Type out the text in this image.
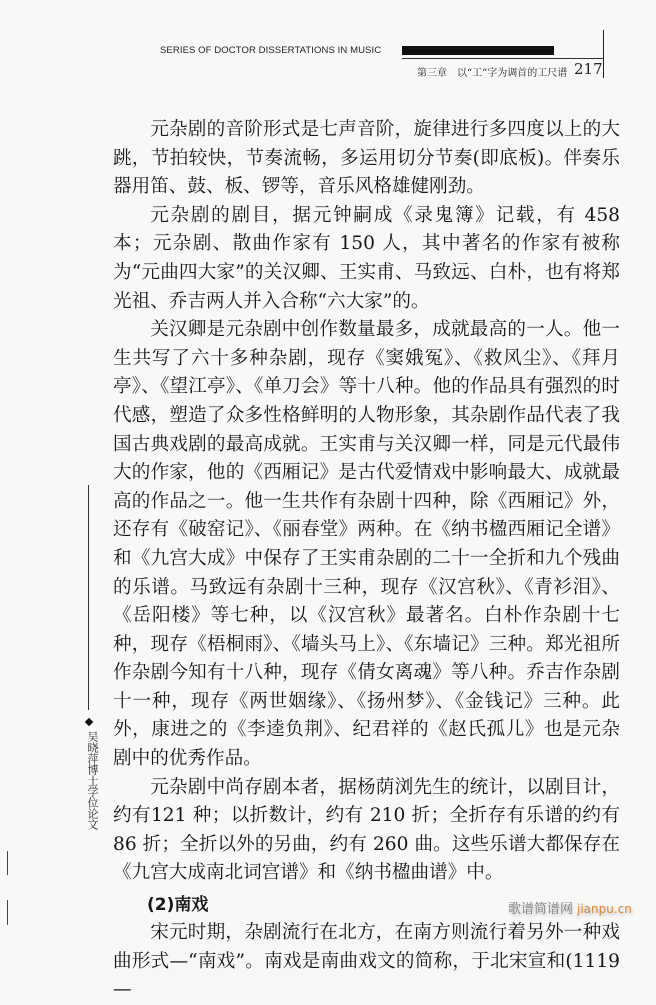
SERIES OF DOCTOR DISSERTATIONS IN MUSIC
第三章　以“工”字为调首的工尺谱 217

元杂剧的音阶形式是七声音阶，旋律进行多四度以上的大跳，节拍较快，节奏流畅，多运用切分节奏(即底板)。伴奏乐器用笛、鼓、板、锣等，音乐风格雄健刚劲。

元杂剧的剧目，据元钟嗣成《录鬼簿》记载，有 458 本；元杂剧、散曲作家有 150 人，其中著名的作家有被称为“元曲四大家”的关汉卿、王实甫、马致远、白朴，也有将郑光祖、乔吉两人并入合称“六大家”的。

关汉卿是元杂剧中创作数量最多，成就最高的一人。他一生共写了六十多种杂剧，现存《窦娥冤》、《救风尘》、《拜月亭》、《望江亭》、《单刀会》等十八种。他的作品具有强烈的时代感，塑造了众多性格鲜明的人物形象，其杂剧作品代表了我国古典戏剧的最高成就。王实甫与关汉卿一样，同是元代最伟大的作家，他的《西厢记》是古代爱情戏中影响最大、成就最高的作品之一。他一生共作有杂剧十四种，除《西厢记》外，还存有《破窑记》、《丽春堂》两种。在《纳书楹西厢记全谱》和《九宫大成》中保存了王实甫杂剧的二十一全折和九个残曲的乐谱。马致远有杂剧十三种，现存《汉宫秋》、《青衫泪》、《岳阳楼》等七种，以《汉宫秋》最著名。白朴作杂剧十七种，现存《梧桐雨》、《墙头马上》、《东墙记》三种。郑光祖所作杂剧今知有十八种，现存《倩女离魂》等八种。乔吉作杂剧十一种，现存《两世姻缘》、《扬州梦》、《金钱记》三种。此外，康进之的《李逵负荆》、纪君祥的《赵氏孤儿》也是元杂剧中的优秀作品。

元杂剧中尚存剧本者，据杨荫浏先生的统计，以剧目计，约有121 种；以折数计，约有 210 折；全折存有乐谱的约有 86 折；全折以外的另曲，约有 260 曲。这些乐谱大都保存在《九宫大成南北词宫谱》和《纳书楹曲谱》中。

(2)南戏

宋元时期，杂剧流行在北方，在南方则流行着另外一种戏曲形式—“南戏”。南戏是南曲戏文的简称，于北宋宣和(1119—

吴晓萍博士学位论文
歌谱简谱网 jianpu.cn
